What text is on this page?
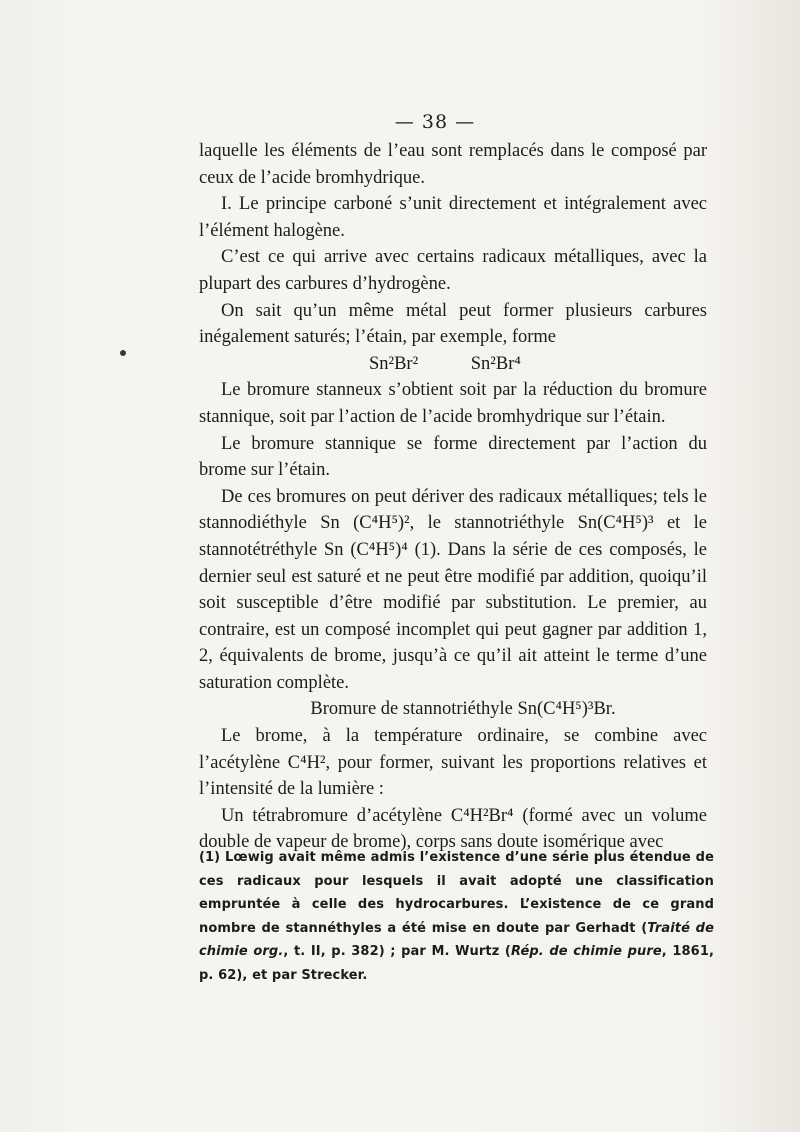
— 38 —

laquelle les éléments de l’eau sont remplacés dans le composé par ceux de l’acide bromhydrique.

I. Le principe carboné s’unit directement et intégralement avec l’élément halogène.

C’est ce qui arrive avec certains radicaux métalliques, avec la plupart des carbures d’hydrogène.

On sait qu’un même métal peut former plusieurs carbures inégalement saturés; l’étain, par exemple, forme

Sn²Br²	Sn²Br⁴

Le bromure stanneux s’obtient soit par la réduction du bromure stannique, soit par l’action de l’acide bromhydrique sur l’étain.

Le bromure stannique se forme directement par l’action du brome sur l’étain.

De ces bromures on peut dériver des radicaux métalliques; tels le stannodiéthyle Sn (C⁴H⁵)², le stannotriéthyle Sn(C⁴H⁵)³ et le stannotétréthyle Sn (C⁴H⁵)⁴ (1). Dans la série de ces composés, le dernier seul est saturé et ne peut être modifié par addition, quoiqu’il soit susceptible d’être modifié par substitution. Le premier, au contraire, est un composé incomplet qui peut gagner par addition 1, 2, équivalents de brome, jusqu’à ce qu’il ait atteint le terme d’une saturation complète.

Bromure de stannotriéthyle Sn(C⁴H⁵)³Br.

Le brome, à la température ordinaire, se combine avec l’acétylène C⁴H², pour former, suivant les proportions relatives et l’intensité de la lumière :

Un tétrabromure d’acétylène C⁴H²Br⁴ (formé avec un volume double de vapeur de brome), corps sans doute isomérique avec

(1) Lœwig avait même admis l’existence d’une série plus étendue de ces radicaux pour lesquels il avait adopté une classification empruntée à celle des hydrocarbures. L’existence de ce grand nombre de stannéthyles a été mise en doute par Gerhadt (Traité de chimie org., t. II, p. 382) ; par M. Wurtz (Rép. de chimie pure, 1861, p. 62), et par Strecker.
